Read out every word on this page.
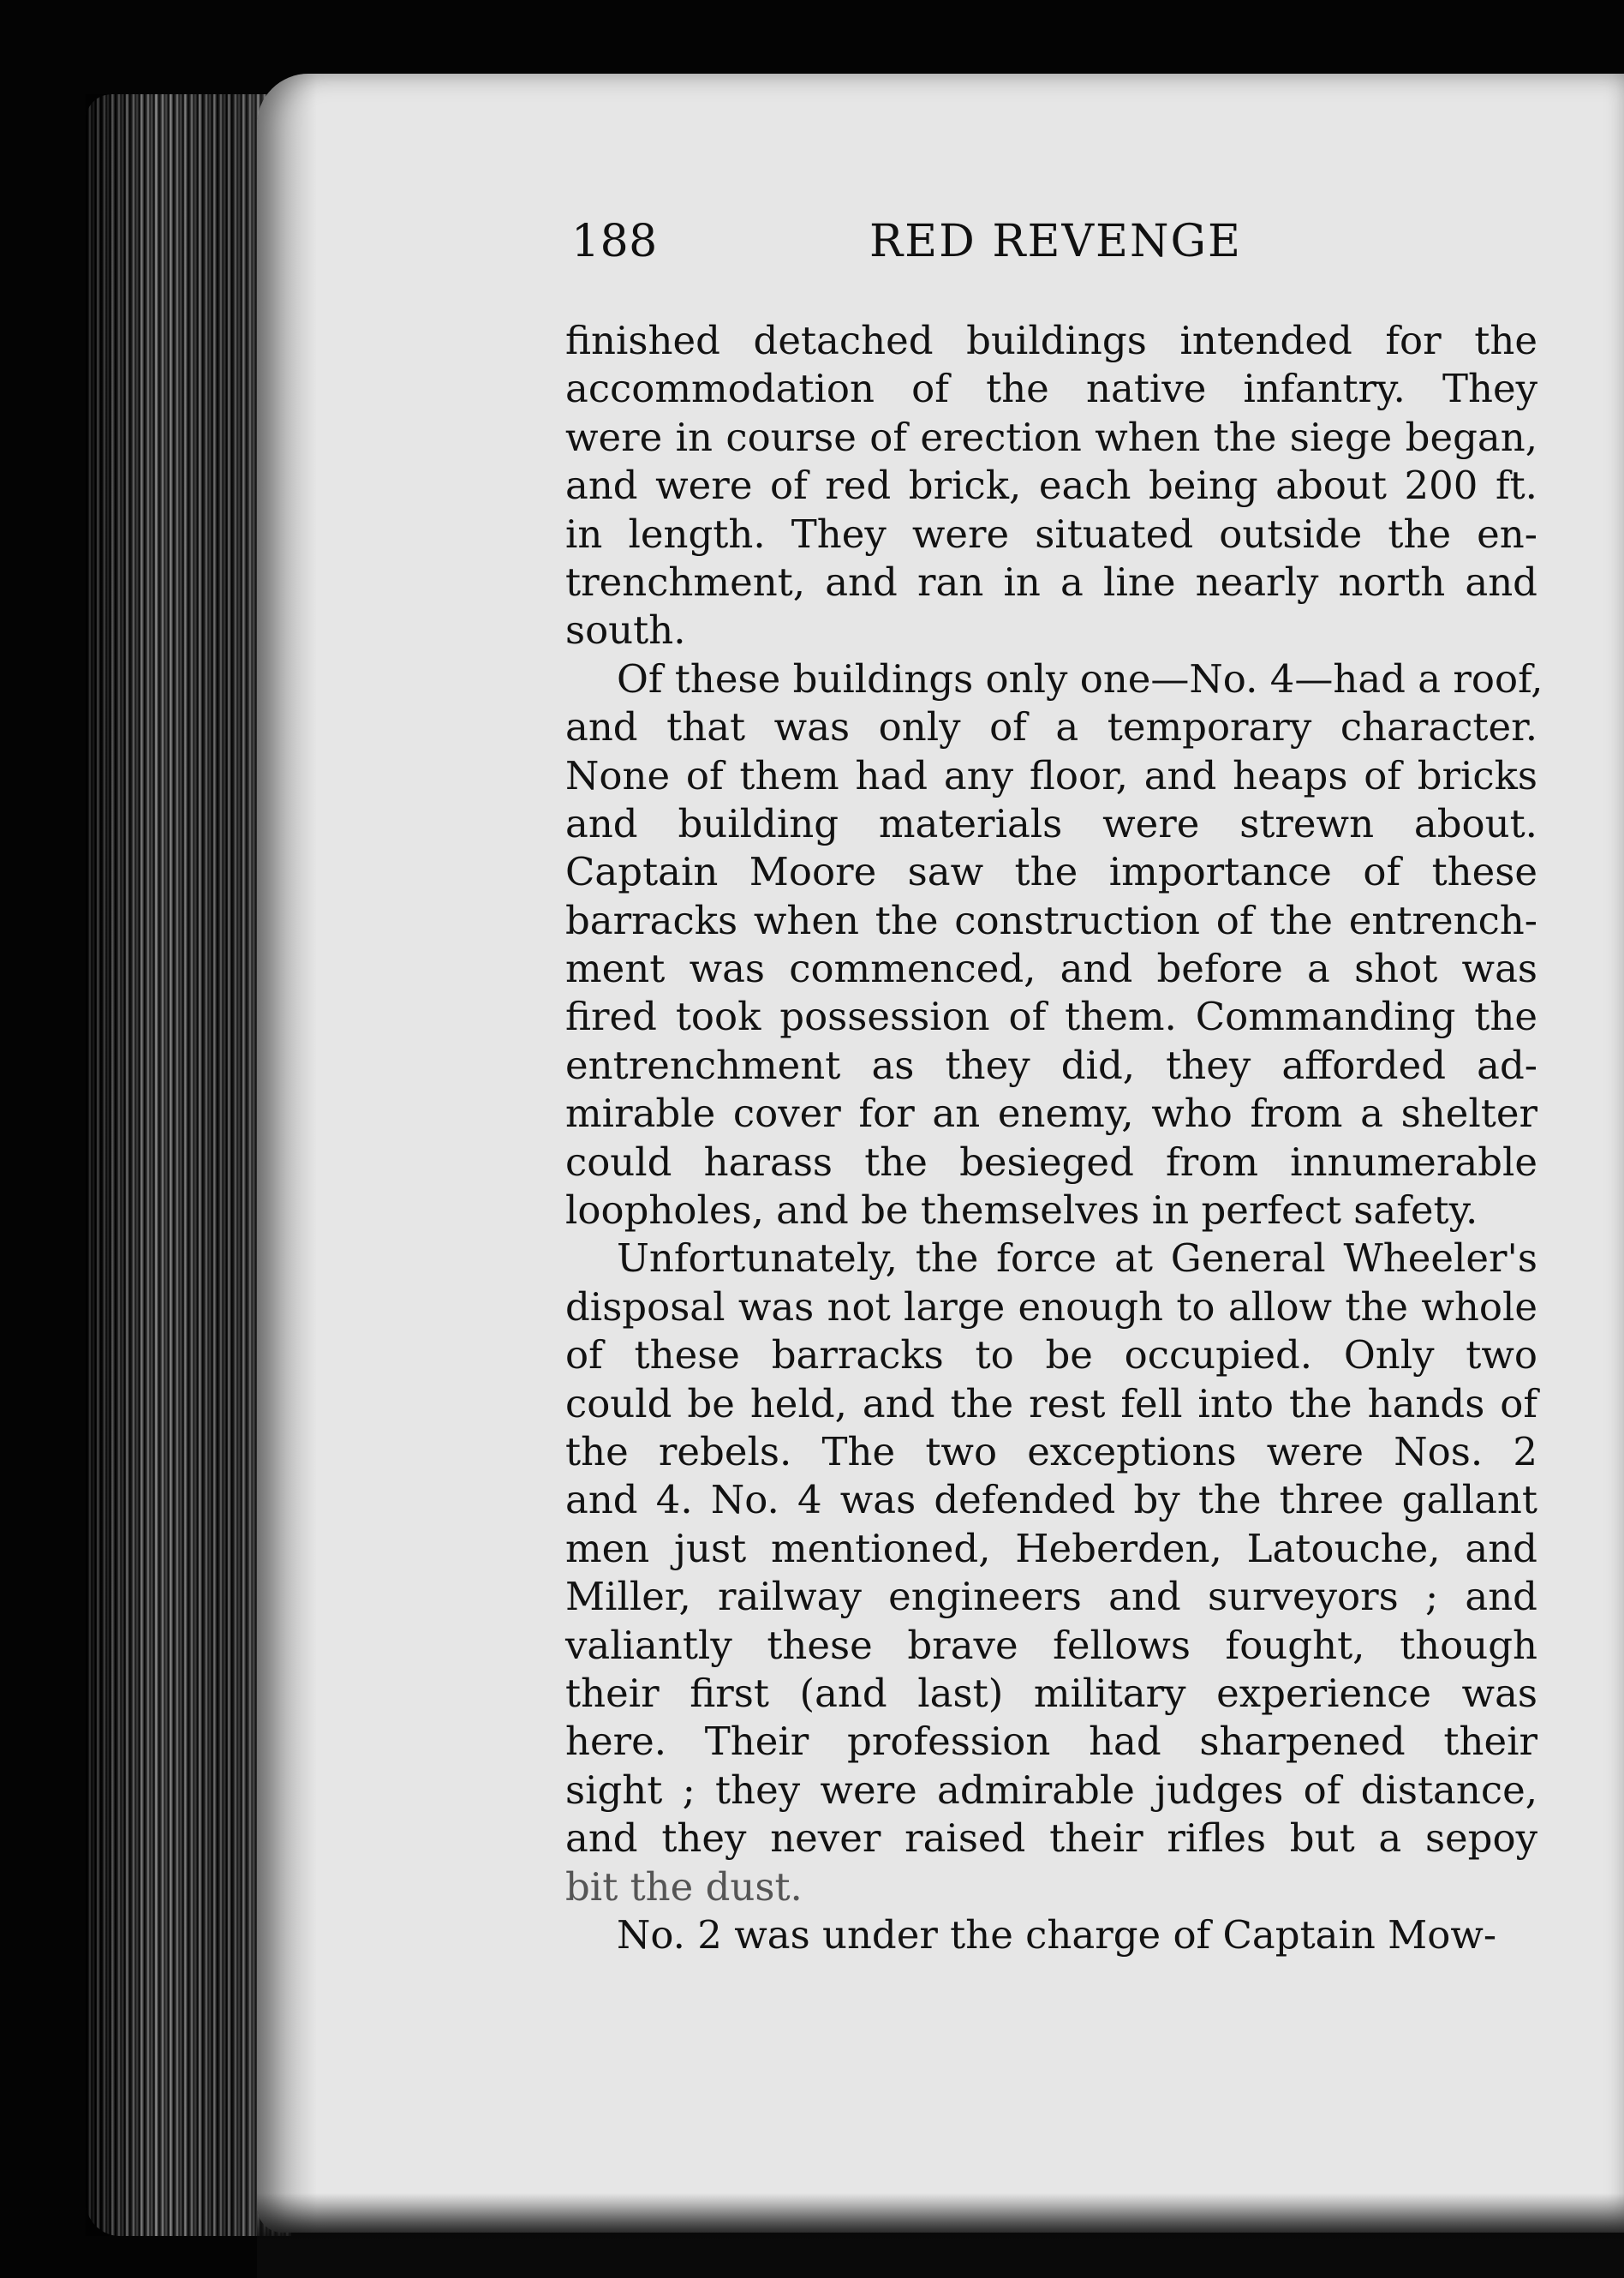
188	RED REVENGE
finished detached buildings intended for the
accommodation of the native infantry. They
were in course of erection when the siege began,
and were of red brick, each being about 200 ft.
in length. They were situated outside the en-
trenchment, and ran in a line nearly north and
south.
Of these buildings only one—No. 4—had a roof,
and that was only of a temporary character.
None of them had any floor, and heaps of bricks
and building materials were strewn about.
Captain Moore saw the importance of these
barracks when the construction of the entrench-
ment was commenced, and before a shot was
fired took possession of them. Commanding the
entrenchment as they did, they afforded ad-
mirable cover for an enemy, who from a shelter
could harass the besieged from innumerable
loopholes, and be themselves in perfect safety.
Unfortunately, the force at General Wheeler's
disposal was not large enough to allow the whole
of these barracks to be occupied. Only two
could be held, and the rest fell into the hands of
the rebels. The two exceptions were Nos. 2
and 4. No. 4 was defended by the three gallant
men just mentioned, Heberden, Latouche, and
Miller, railway engineers and surveyors ; and
valiantly these brave fellows fought, though
their first (and last) military experience was
here. Their profession had sharpened their
sight ; they were admirable judges of distance,
and they never raised their rifles but a sepoy
bit the dust.
No. 2 was under the charge of Captain Mow-
